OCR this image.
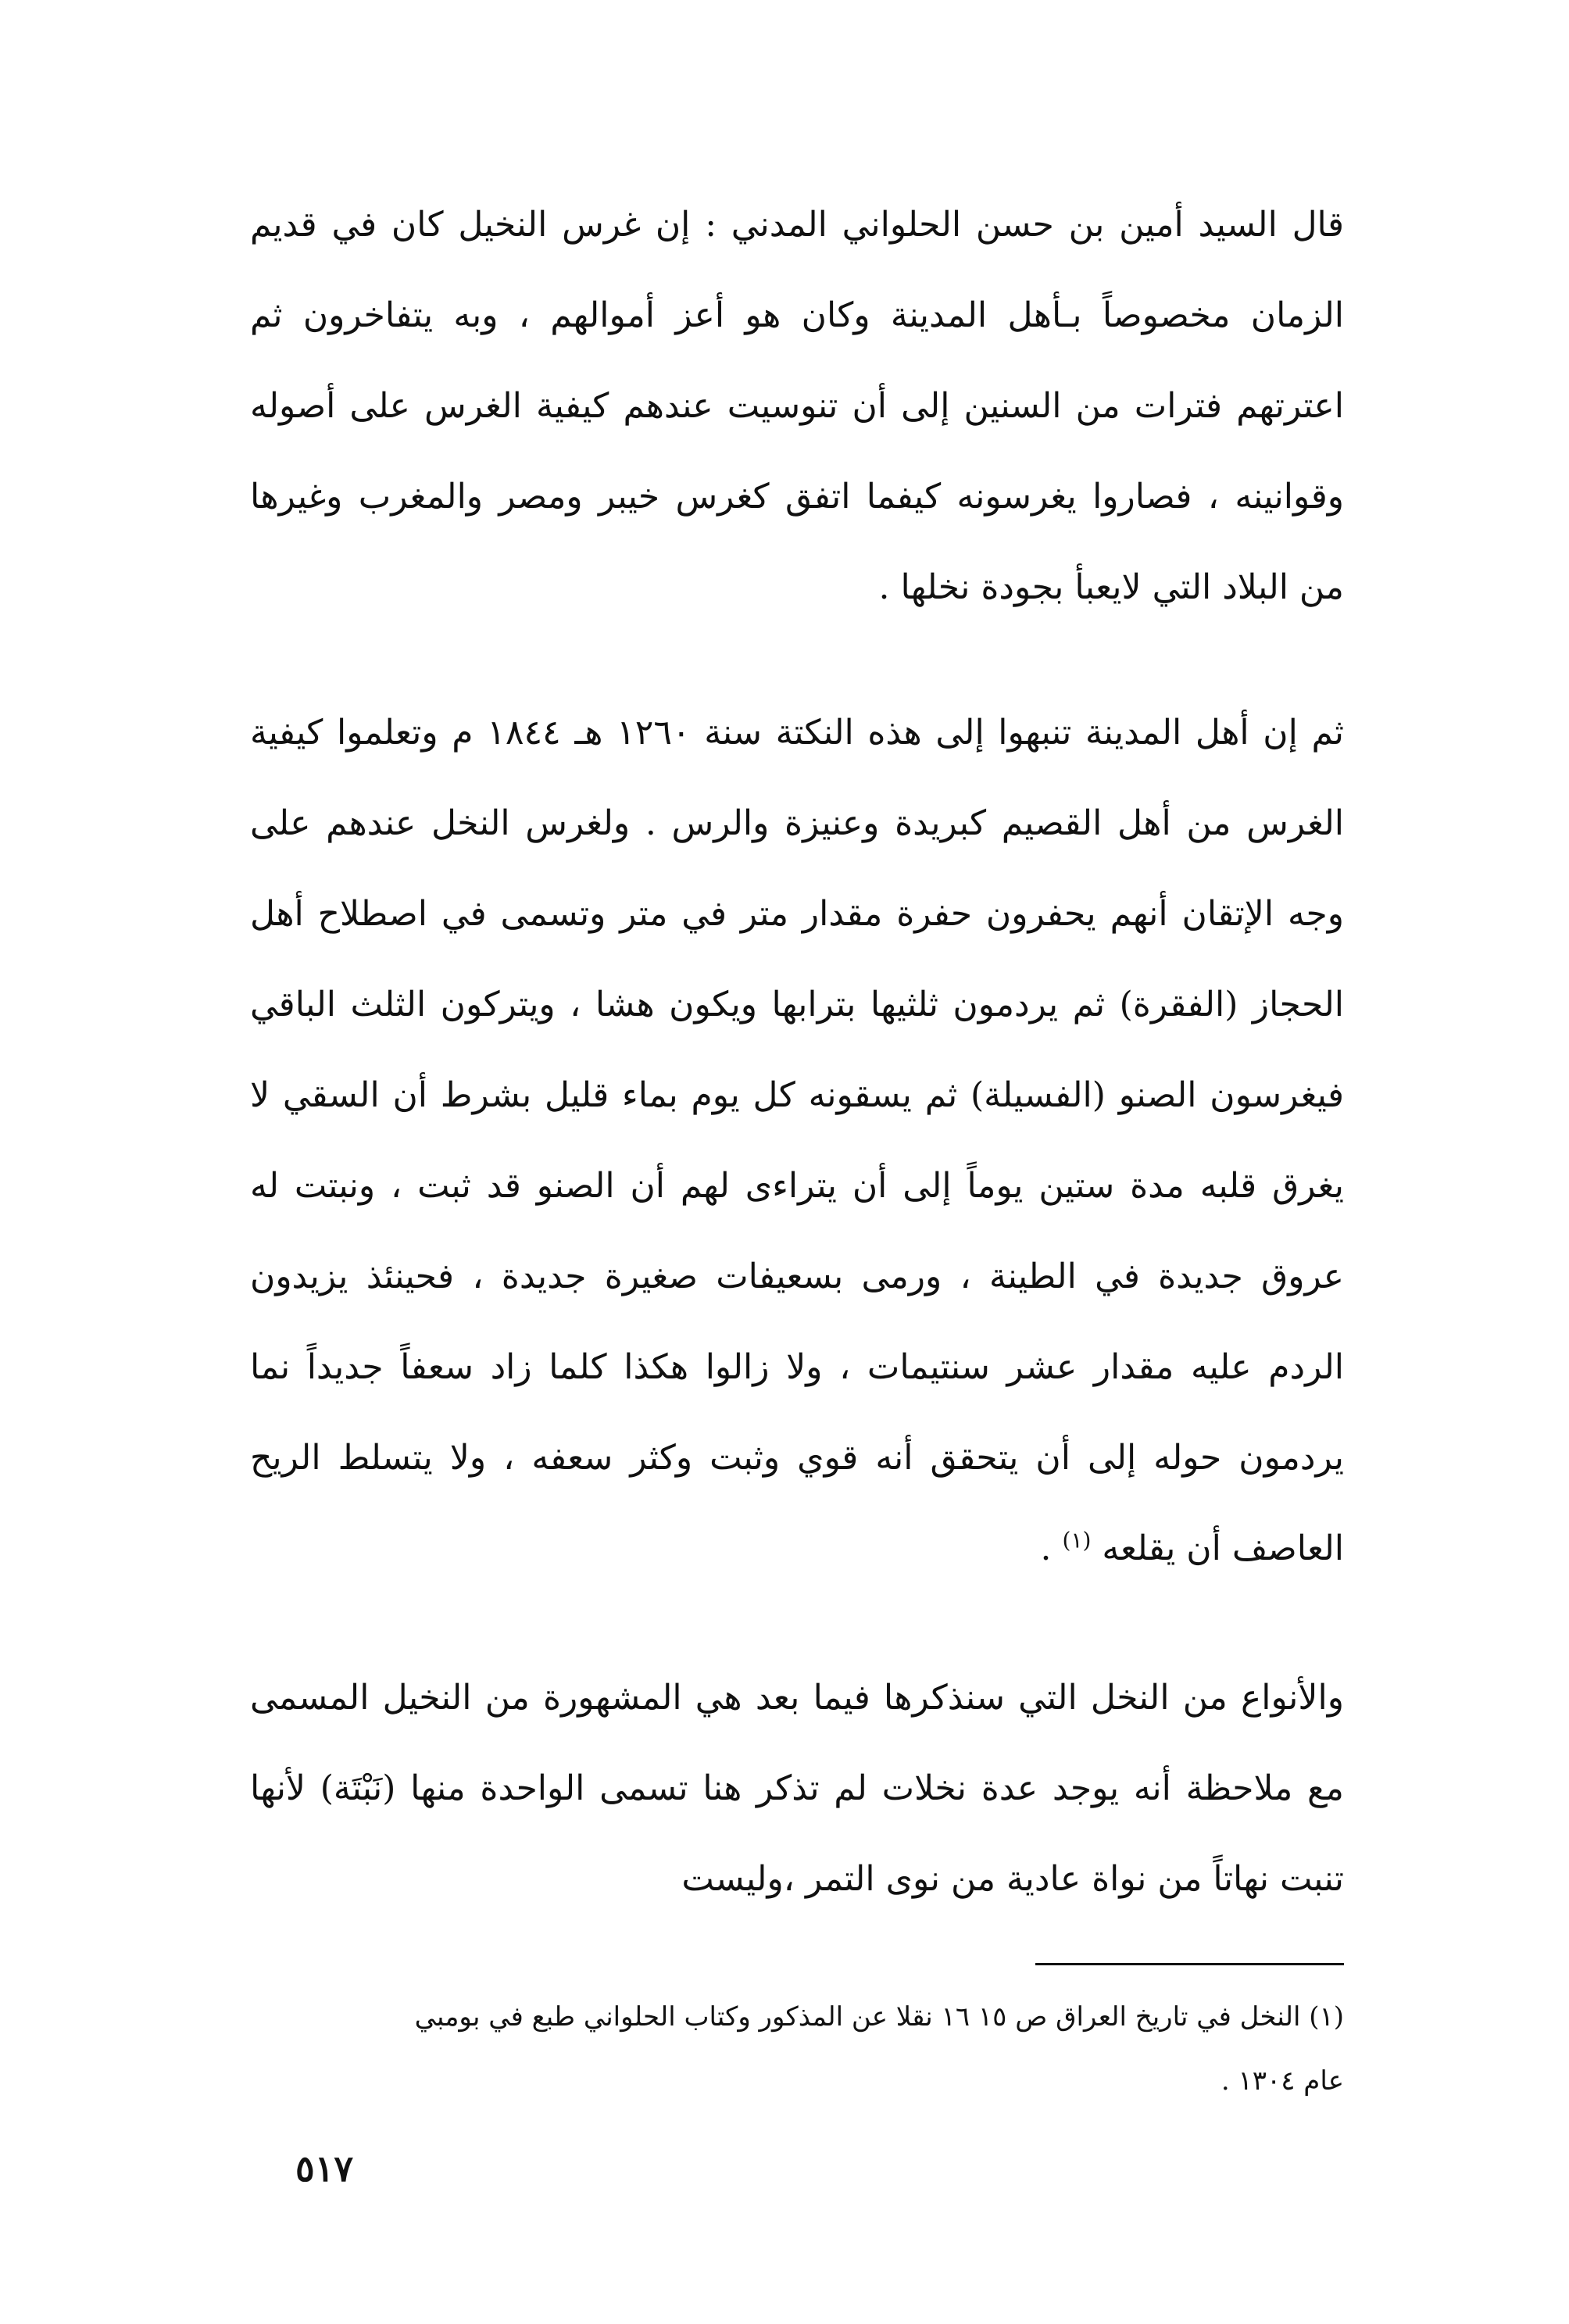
قال السيد أمين بن حسن الحلواني المدني : إن غرس النخيل كان في قديم الزمان مخصوصاً بـأهل المدينة وكان هو أعز أموالهم ، وبه يتفاخرون ثم اعترتهم فترات من السنين إلى أن تنوسيت عندهم كيفية الغرس على أصوله وقوانينه ، فصاروا يغرسونه كيفما اتفق كغرس خيبر ومصر والمغرب وغيرها من البلاد التي لايعبأ بجودة نخلها .

ثم إن أهل المدينة تنبهوا إلى هذه النكتة سنة ١٢٦٠ هـ ١٨٤٤ م وتعلموا كيفية الغرس من أهل القصيم كبريدة وعنيزة والرس . ولغرس النخل عندهم على وجه الإتقان أنهم يحفرون حفرة مقدار متر في متر وتسمى في اصطلاح أهل الحجاز (الفقرة) ثم يردمون ثلثيها بترابها ويكون هشا ، ويتركون الثلث الباقي فيغرسون الصنو (الفسيلة) ثم يسقونه كل يوم بماء قليل بشرط أن السقي لا يغرق قلبه مدة ستين يوماً إلى أن يتراءى لهم أن الصنو قد ثبت ، ونبتت له عروق جديدة في الطينة ، ورمى بسعيفات صغيرة جديدة ، فحينئذ يزيدون الردم عليه مقدار عشر سنتيمات ، ولا زالوا هكذا كلما زاد سعفاً جديداً نما يردمون حوله إلى أن يتحقق أنه قوي وثبت وكثر سعفه ، ولا يتسلط الريح العاصف أن يقلعه $^{(١)}$ .

والأنواع من النخل التي سنذكرها فيما بعد هي المشهورة من النخيل المسمى مع ملاحظة أنه يوجد عدة نخلات لم تذكر هنا تسمى الواحدة منها (نَبْتَة) لأنها تنبت نهاتاً من نواة عادية من نوى التمر ،وليست

(١) النخل في تاريخ العراق ص ١٥ ١٦ نقلا عن المذكور وكتاب الحلواني طبع في بومبي
عام ١٣٠٤ .
٥١٧
